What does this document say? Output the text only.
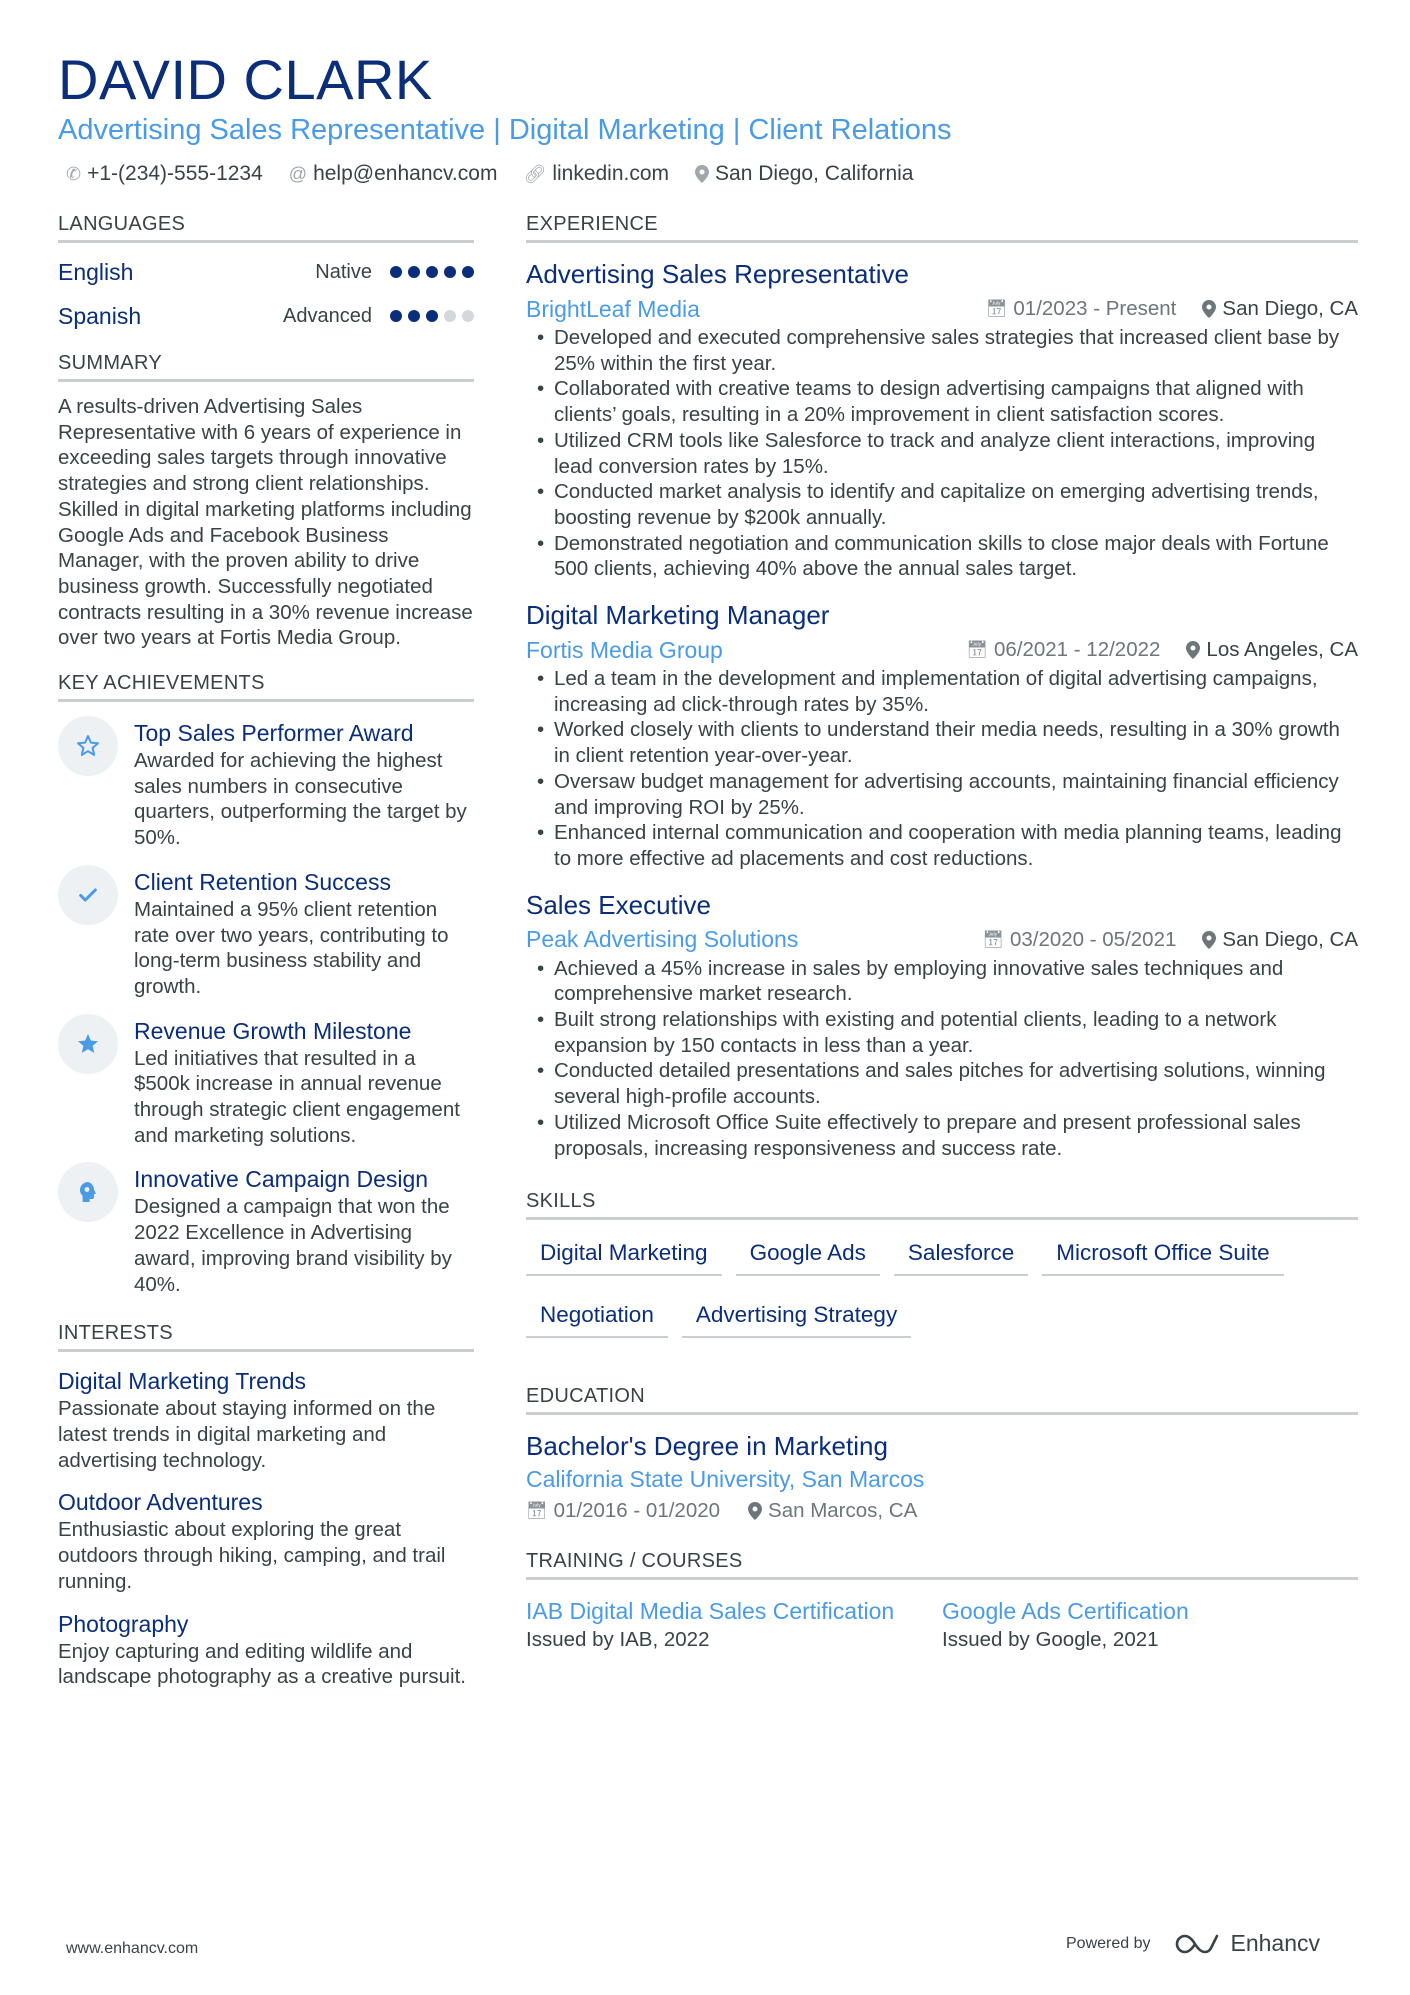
DAVID CLARK
Advertising Sales Representative | Digital Marketing | Client Relations
✆ +1-(234)-555-1234 @ help@enhancv.com 🔗︎ linkedin.com San Diego, California
LANGUAGES
English	Native
Spanish	Advanced
SUMMARY
A results-driven Advertising Sales Representative with 6 years of experience in exceeding sales targets through innovative strategies and strong client relationships. Skilled in digital marketing platforms including Google Ads and Facebook Business Manager, with the proven ability to drive business growth. Successfully negotiated contracts resulting in a 30% revenue increase over two years at Fortis Media Group.
KEY ACHIEVEMENTS
Top Sales Performer Award
Awarded for achieving the highest sales numbers in consecutive quarters, outperforming the target by 50%.
Client Retention Success
Maintained a 95% client retention rate over two years, contributing to long-term business stability and growth.
Revenue Growth Milestone
Led initiatives that resulted in a $500k increase in annual revenue through strategic client engagement and marketing solutions.
Innovative Campaign Design
Designed a campaign that won the 2022 Excellence in Advertising award, improving brand visibility by 40%.
INTERESTS
Digital Marketing Trends
Passionate about staying informed on the latest trends in digital marketing and advertising technology.
Outdoor Adventures
Enthusiastic about exploring the great outdoors through hiking, camping, and trail running.
Photography
Enjoy capturing and editing wildlife and landscape photography as a creative pursuit.
EXPERIENCE
Advertising Sales Representative
BrightLeaf Media	📅︎ 01/2023 - Present San Diego, CA
• Developed and executed comprehensive sales strategies that increased client base by 25% within the first year.
• Collaborated with creative teams to design advertising campaigns that aligned with clients’ goals, resulting in a 20% improvement in client satisfaction scores.
• Utilized CRM tools like Salesforce to track and analyze client interactions, improving lead conversion rates by 15%.
• Conducted market analysis to identify and capitalize on emerging advertising trends, boosting revenue by $200k annually.
• Demonstrated negotiation and communication skills to close major deals with Fortune 500 clients, achieving 40% above the annual sales target.
Digital Marketing Manager
Fortis Media Group	📅︎ 06/2021 - 12/2022 Los Angeles, CA
• Led a team in the development and implementation of digital advertising campaigns, increasing ad click-through rates by 35%.
• Worked closely with clients to understand their media needs, resulting in a 30% growth in client retention year-over-year.
• Oversaw budget management for advertising accounts, maintaining financial efficiency and improving ROI by 25%.
• Enhanced internal communication and cooperation with media planning teams, leading to more effective ad placements and cost reductions.
Sales Executive
Peak Advertising Solutions	📅︎ 03/2020 - 05/2021 San Diego, CA
• Achieved a 45% increase in sales by employing innovative sales techniques and comprehensive market research.
• Built strong relationships with existing and potential clients, leading to a network expansion by 150 contacts in less than a year.
• Conducted detailed presentations and sales pitches for advertising solutions, winning several high-profile accounts.
• Utilized Microsoft Office Suite effectively to prepare and present professional sales proposals, increasing responsiveness and success rate.
SKILLS
Digital Marketing	Google Ads	Salesforce	Microsoft Office Suite
Negotiation	Advertising Strategy
EDUCATION
Bachelor's Degree in Marketing
California State University, San Marcos
📅︎ 01/2016 - 01/2020 San Marcos, CA
TRAINING / COURSES
IAB Digital Media Sales Certification
Issued by IAB, 2022
Google Ads Certification
Issued by Google, 2021
www.enhancv.com	Powered by	Enhancv
